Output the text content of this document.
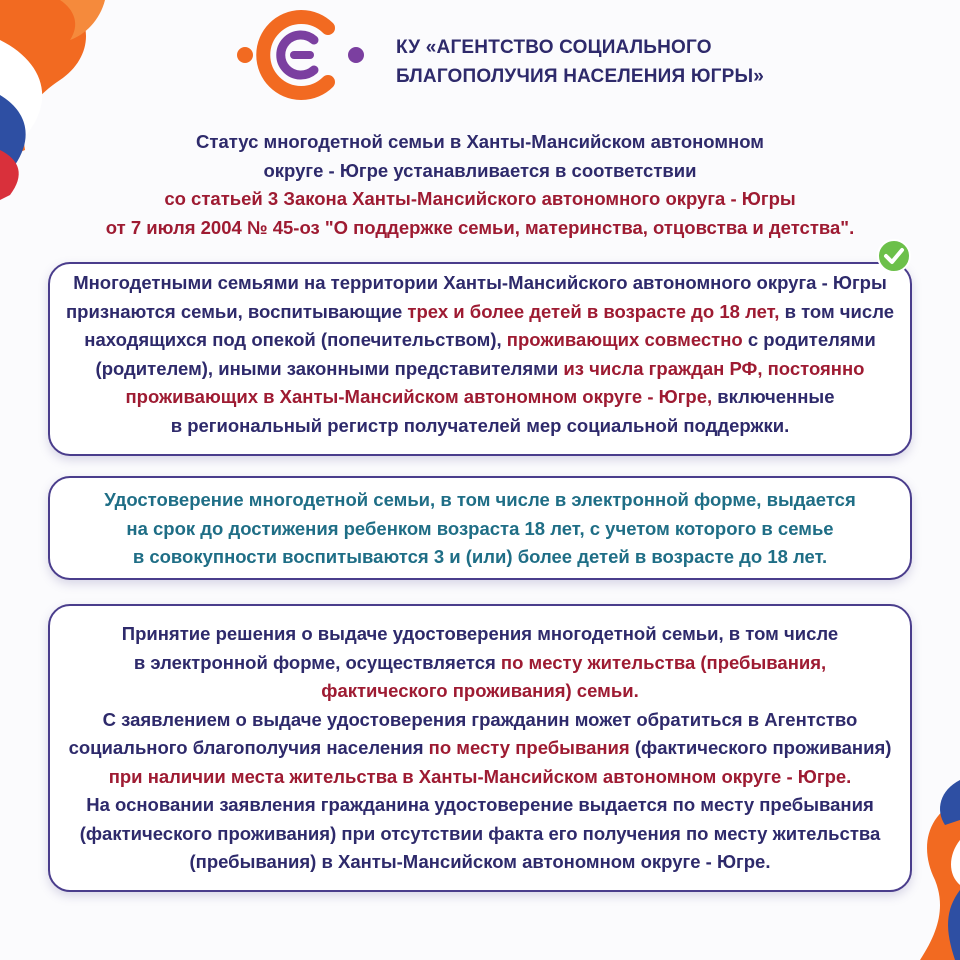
КУ «АГЕНТСТВО СОЦИАЛЬНОГО
БЛАГОПОЛУЧИЯ НАСЕЛЕНИЯ ЮГРЫ»
Статус многодетной семьи в Ханты-Мансийском автономном
округе - Югре устанавливается в соответствии
со статьей 3 Закона Ханты-Мансийского автономного округа - Югры
от 7 июля 2004 № 45-оз "О поддержке семьи, материнства, отцовства и детства".
Многодетными семьями на территории Ханты-Мансийского автономного округа - Югры
признаются семьи, воспитывающие трех и более детей в возрасте до 18 лет, в том числе
находящихся под опекой (попечительством), проживающих совместно с родителями
(родителем), иными законными представителями из числа граждан РФ, постоянно
проживающих в Ханты-Мансийском автономном округе - Югре, включенные
в региональный регистр получателей мер социальной поддержки.
Удостоверение многодетной семьи, в том числе в электронной форме, выдается
на срок до достижения ребенком возраста 18 лет, с учетом которого в семье
в совокупности воспитываются 3 и (или) более детей в возрасте до 18 лет.
Принятие решения о выдаче удостоверения многодетной семьи, в том числе
в электронной форме, осуществляется по месту жительства (пребывания,
фактического проживания) семьи.
С заявлением о выдаче удостоверения гражданин может обратиться в Агентство
социального благополучия населения по месту пребывания (фактического проживания)
при наличии места жительства в Ханты-Мансийском автономном округе - Югре.
На основании заявления гражданина удостоверение выдается по месту пребывания
(фактического проживания) при отсутствии факта его получения по месту жительства
(пребывания) в Ханты-Мансийском автономном округе - Югре.
